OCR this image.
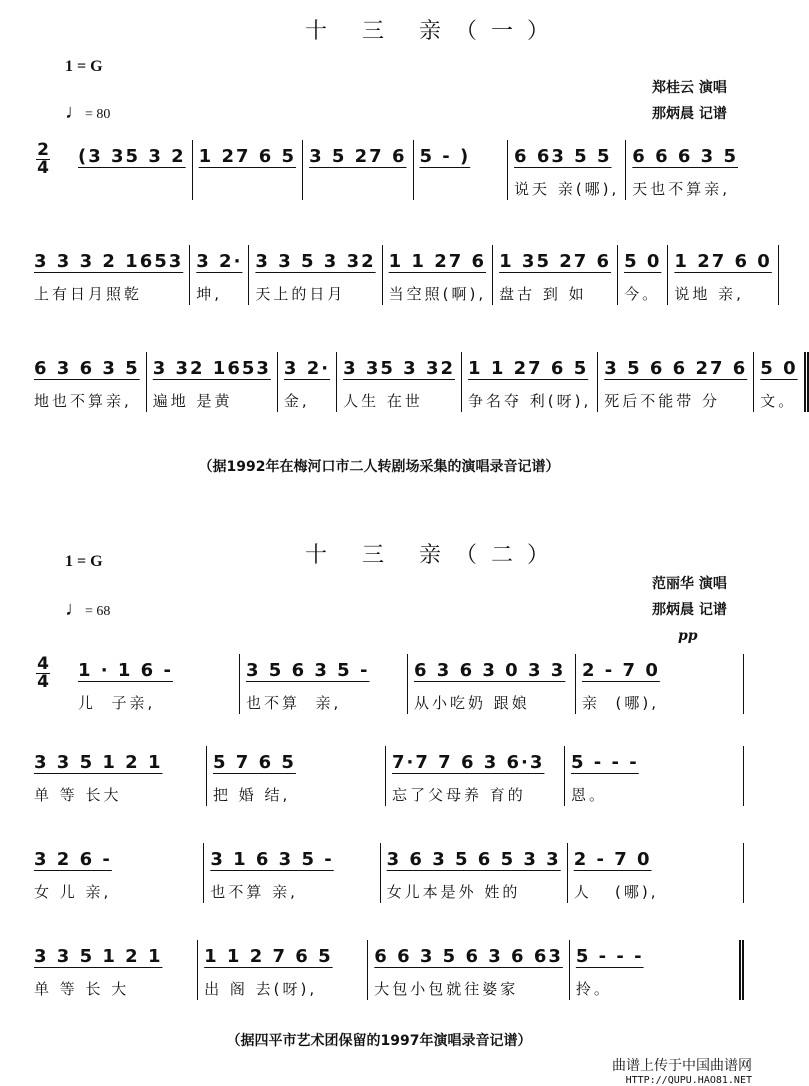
十 三 亲（一）
1 = G
郑桂云 演唱
♩= 80	那炳晨 记谱
2
4
(3 35 3 2 1 27 6 5 3 5 27 6 5 - )	6 63 5 5
说天 亲(哪),
6 6 6 3 5
天也不算亲,
3 3 3 2 1653
上有日月照乾
3 2·
坤,
3 3 5 3 32
天上的日月
1 1 27 6
当空照(啊),
1 35 27 6
盘古 到 如
5 0
今。
1 27 6 0
说地 亲,
6 3 6 3 5
地也不算亲,
3 32 1653
遍地 是黄
3 2·
金,
3 35 3 32
人生 在世
1 1 27 6 5
争名夺 利(呀),
3 5 6 6 27 6
死后不能带 分
5 0
文。
（据1992年在梅河口市二人转剧场采集的演唱录音记谱）
十 三 亲（二）
1 = G
范丽华 演唱
♩= 68	那炳晨 记谱
pp
4
4
1 · 1 6 -
儿  子亲,
3 5 6 3 5 -
也不算  亲,
6 3 6 3 0 3 3
从小吃奶 跟娘
2 - 7 0
亲  (哪),
3 3 5 1 2 1
单 等 长大
5 7 6 5
把 婚 结,
7·7 7 6 3 6·3
忘了父母养 育的
5 - - -
恩。
3 2 6 -
女 儿 亲,
3 1 6 3 5 -
也不算 亲,
3 6 3 5 6 5 3 3
女儿本是外 姓的
2 - 7 0
人   (哪),
3 3 5 1 2 1
单 等 长 大
1 1 2 7 6 5
出 阁 去(呀),
6 6 3 5 6 3 6 63
大包小包就往婆家
5 - - -
拎。
（据四平市艺术团保留的1997年演唱录音记谱）
曲谱上传于中国曲谱网
HTTP://QUPU.HAO81.NET
